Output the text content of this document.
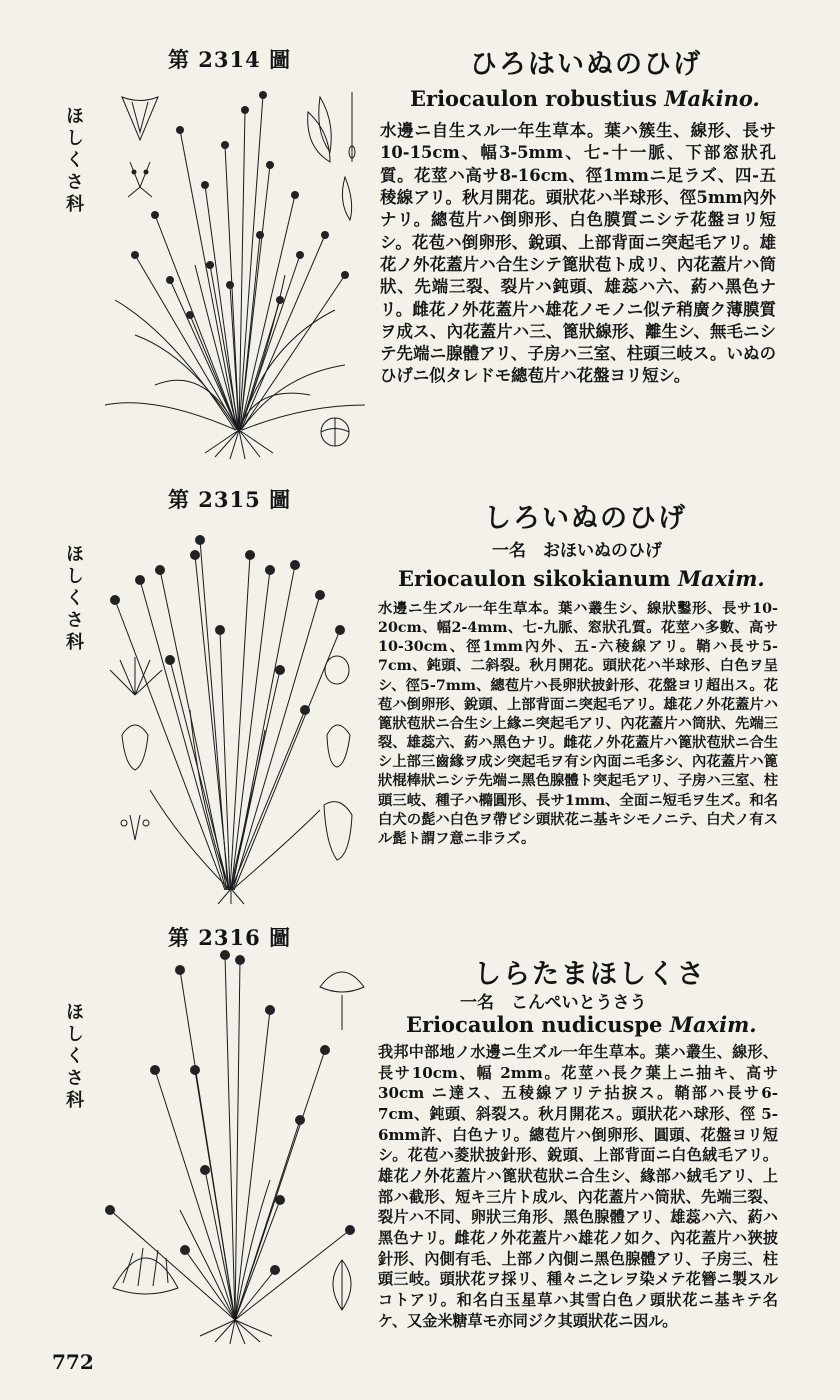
第 2314 圖
ほしくさ科
ひろはいぬのひげ
Eriocaulon robustius Makino.
水邊ニ自生スル一年生草本。葉ハ簇生、線形、長サ10-15cm、幅3-5mm、七-十一脈、下部窓狀孔質。花莖ハ高サ8-16cm、徑1mmニ足ラズ、四-五稜線アリ。秋月開花。頭狀花ハ半球形、徑5mm內外ナリ。總苞片ハ倒卵形、白色膜質ニシテ花盤ヨリ短シ。花苞ハ倒卵形、銳頭、上部背面ニ突起毛アリ。雄花ノ外花蓋片ハ合生シテ篦狀苞ト成リ、內花蓋片ハ筒狀、先端三裂、裂片ハ鈍頭、雄蕊ハ六、葯ハ黑色ナリ。雌花ノ外花蓋片ハ雄花ノモノニ似テ稍廣ク薄膜質ヲ成ス、內花蓋片ハ三、篦狀線形、離生シ、無毛ニシテ先端ニ腺體アリ、子房ハ三室、柱頭三岐ス。いぬのひげニ似タレドモ總苞片ハ花盤ヨリ短シ。
第 2315 圖
ほしくさ科
しろいぬのひげ
一名　おほいぬのひげ
Eriocaulon sikokianum Maxim.
水邊ニ生ズル一年生草本。葉ハ叢生シ、線狀鑿形、長サ10-20cm、幅2-4mm、七-九脈、窓狀孔質。花莖ハ多數、高サ10-30cm、徑1mm內外、五-六稜線アリ。鞘ハ長サ5-7cm、鈍頭、二斜裂。秋月開花。頭狀花ハ半球形、白色ヲ呈シ、徑5-7mm、總苞片ハ長卵狀披針形、花盤ヨリ超出ス。花苞ハ倒卵形、銳頭、上部背面ニ突起毛アリ。雄花ノ外花蓋片ハ篦狀苞狀ニ合生シ上緣ニ突起毛アリ、內花蓋片ハ筒狀、先端三裂、雄蕊六、葯ハ黑色ナリ。雌花ノ外花蓋片ハ篦狀苞狀ニ合生シ上部三齒緣ヲ成シ突起毛ヲ有シ內面ニ毛多シ、內花蓋片ハ篦狀棍棒狀ニシテ先端ニ黑色腺體ト突起毛アリ、子房ハ三室、柱頭三岐、種子ハ橢圓形、長サ1mm、全面ニ短毛ヲ生ズ。和名白犬の髭ハ白色ヲ帶ビシ頭狀花ニ基キシモノニテ、白犬ノ有スル髭ト謂フ意ニ非ラズ。
第 2316 圖
ほしくさ科
しらたまほしくさ
一名　こんぺいとうさう
Eriocaulon nudicuspe Maxim.
我邦中部地ノ水邊ニ生ズル一年生草本。葉ハ叢生、線形、長サ10cm、幅 2mm。花莖ハ長ク葉上ニ抽キ、高サ 30cm ニ達ス、五稜線アリテ拈捩ス。鞘部ハ長サ6-7cm、鈍頭、斜裂ス。秋月開花ス。頭狀花ハ球形、徑 5-6mm許、白色ナリ。總苞片ハ倒卵形、圓頭、花盤ヨリ短シ。花苞ハ菱狀披針形、銳頭、上部背面ニ白色絨毛アリ。雄花ノ外花蓋片ハ篦狀苞狀ニ合生シ、緣部ハ絨毛アリ、上部ハ截形、短キ三片ト成ル、內花蓋片ハ筒狀、先端三裂、裂片ハ不同、卵狀三角形、黑色腺體アリ、雄蕊ハ六、葯ハ黑色ナリ。雌花ノ外花蓋片ハ雄花ノ如ク、內花蓋片ハ狹披針形、內側有毛、上部ノ內側ニ黑色腺體アリ、子房三、柱頭三岐。頭狀花ヲ採リ、種々ニ之レヲ染メテ花簪ニ製スルコトアリ。和名白玉星草ハ其雪白色ノ頭狀花ニ基キテ名ケ、又金米糖草モ亦同ジク其頭狀花ニ因ル。
772
